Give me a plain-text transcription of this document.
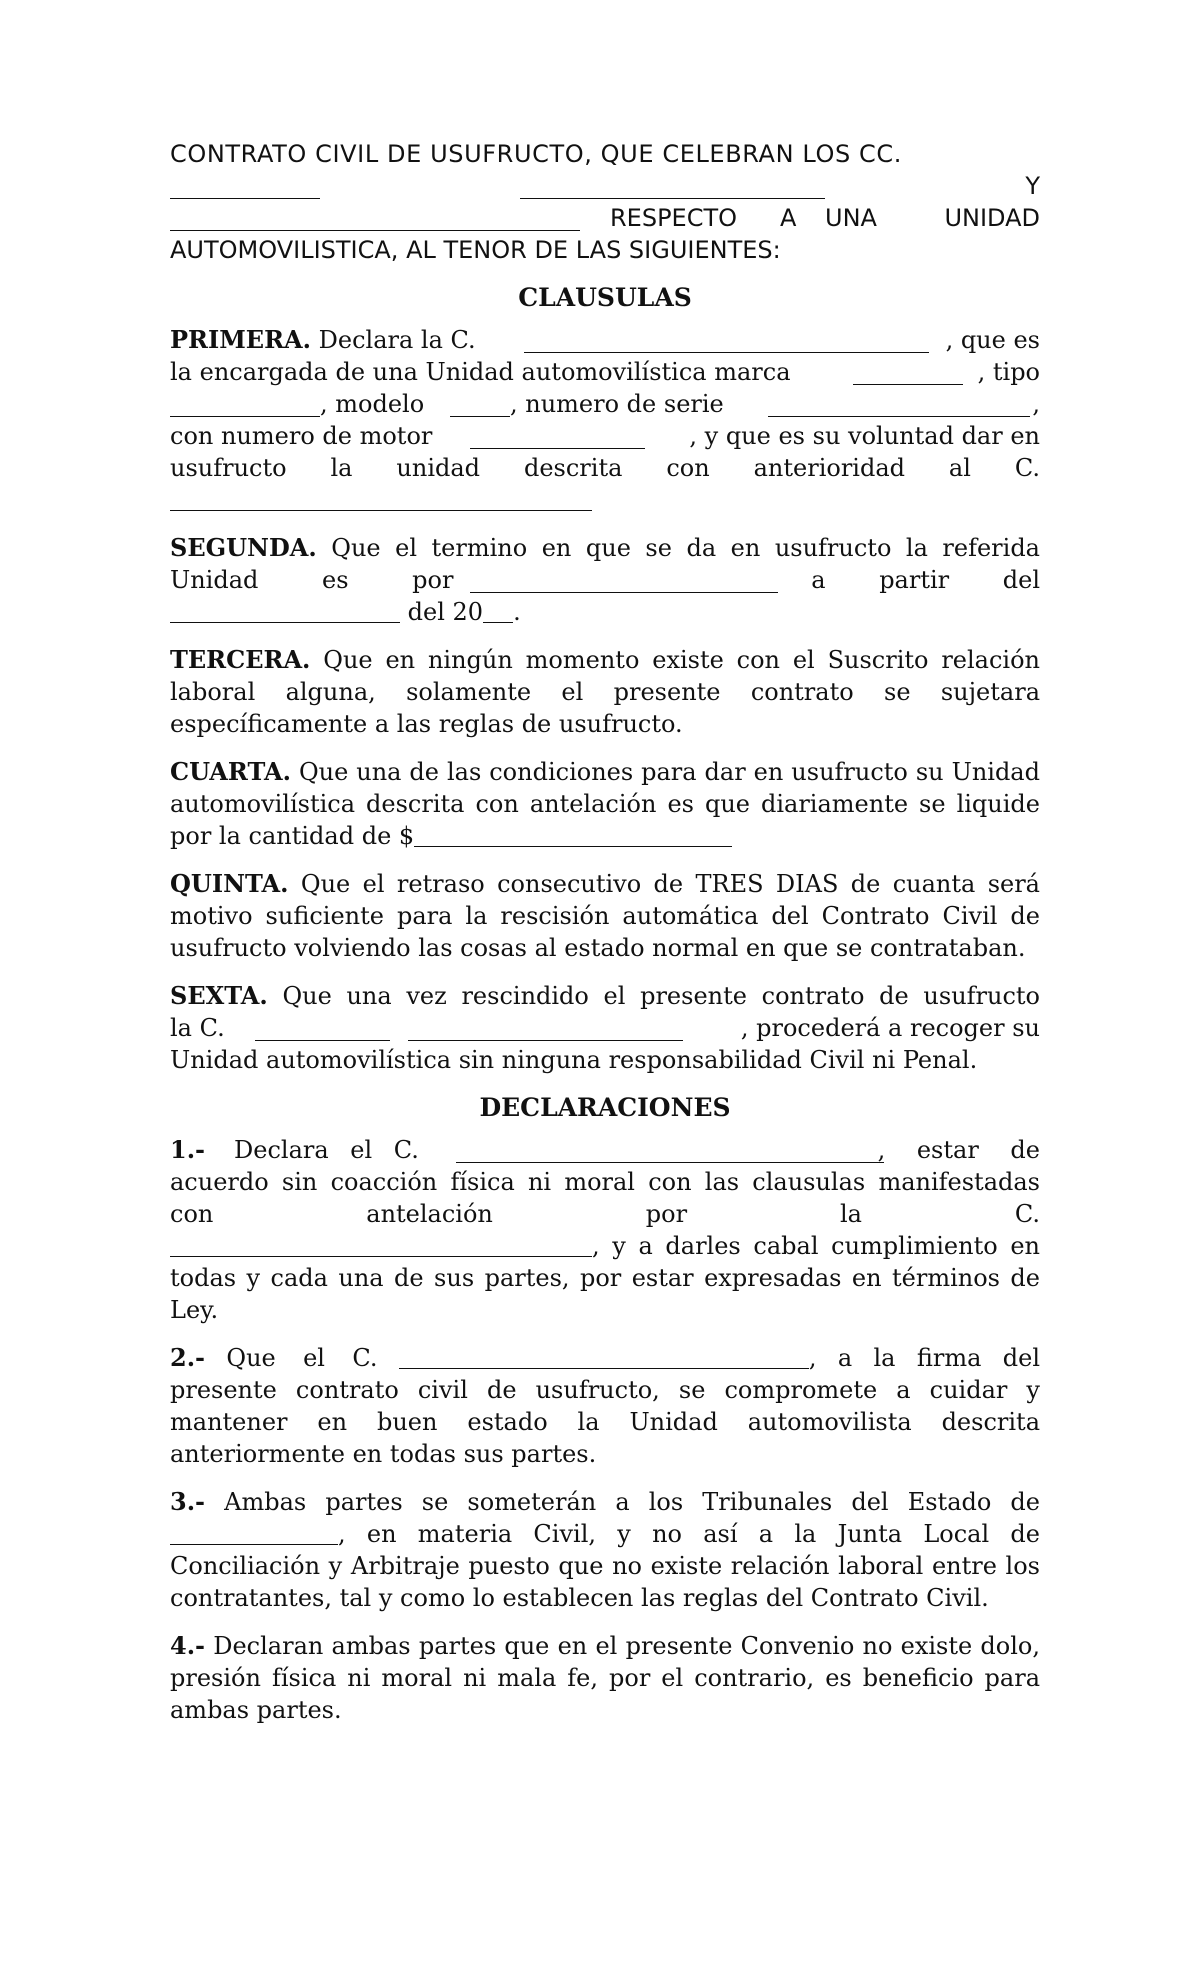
CONTRATO CIVIL DE USUFRUCTO, QUE CELEBRAN LOS CC.

Y

RESPECTO A UNA	UNIDAD

AUTOMOVILISTICA, AL TENOR DE LAS SIGUIENTES:

CLAUSULAS

PRIMERA. Declara la C.	, que es

la encargada de una Unidad automovilística marca	, tipo

, modelo	, numero de serie	,

con numero de motor	, y que es su voluntad dar en

usufructo la unidad descrita con anterioridad al C.

SEGUNDA. Que el termino en que se da en usufructo la referida

Unidad es por	a partir del

del 20 .

TERCERA. Que en ningún momento existe con el Suscrito relación laboral alguna, solamente el presente contrato se sujetara específicamente a las reglas de usufructo.

CUARTA. Que una de las condiciones para dar en usufructo su Unidad automovilística descrita con antelación es que diariamente se liquide por la cantidad de $

QUINTA. Que el retraso consecutivo de TRES DIAS de cuanta será motivo suficiente para la rescisión automática del Contrato Civil de usufructo volviendo las cosas al estado normal en que se contrataban.

SEXTA. Que una vez rescindido el presente contrato de usufructo

la C.	, procederá a recoger su

Unidad automovilística sin ninguna responsabilidad Civil ni Penal.

DECLARACIONES

1.- Declara el C.	, estar de

acuerdo sin coacción física ni moral con las clausulas manifestadas con antelación por la C.

, y a darles cabal cumplimiento en todas y cada una de sus partes, por estar expresadas en términos de Ley.

2.- Que el C.	, a la firma del presente contrato civil de usufructo, se compromete a cuidar y mantener en buen estado la Unidad automovilista descrita anteriormente en todas sus partes.

3.- Ambas partes se someterán a los Tribunales del Estado de , en materia Civil, y no así a la Junta Local de Conciliación y Arbitraje puesto que no existe relación laboral entre los contratantes, tal y como lo establecen las reglas del Contrato Civil.

4.- Declaran ambas partes que en el presente Convenio no existe dolo, presión física ni moral ni mala fe, por el contrario, es beneficio para ambas partes.
